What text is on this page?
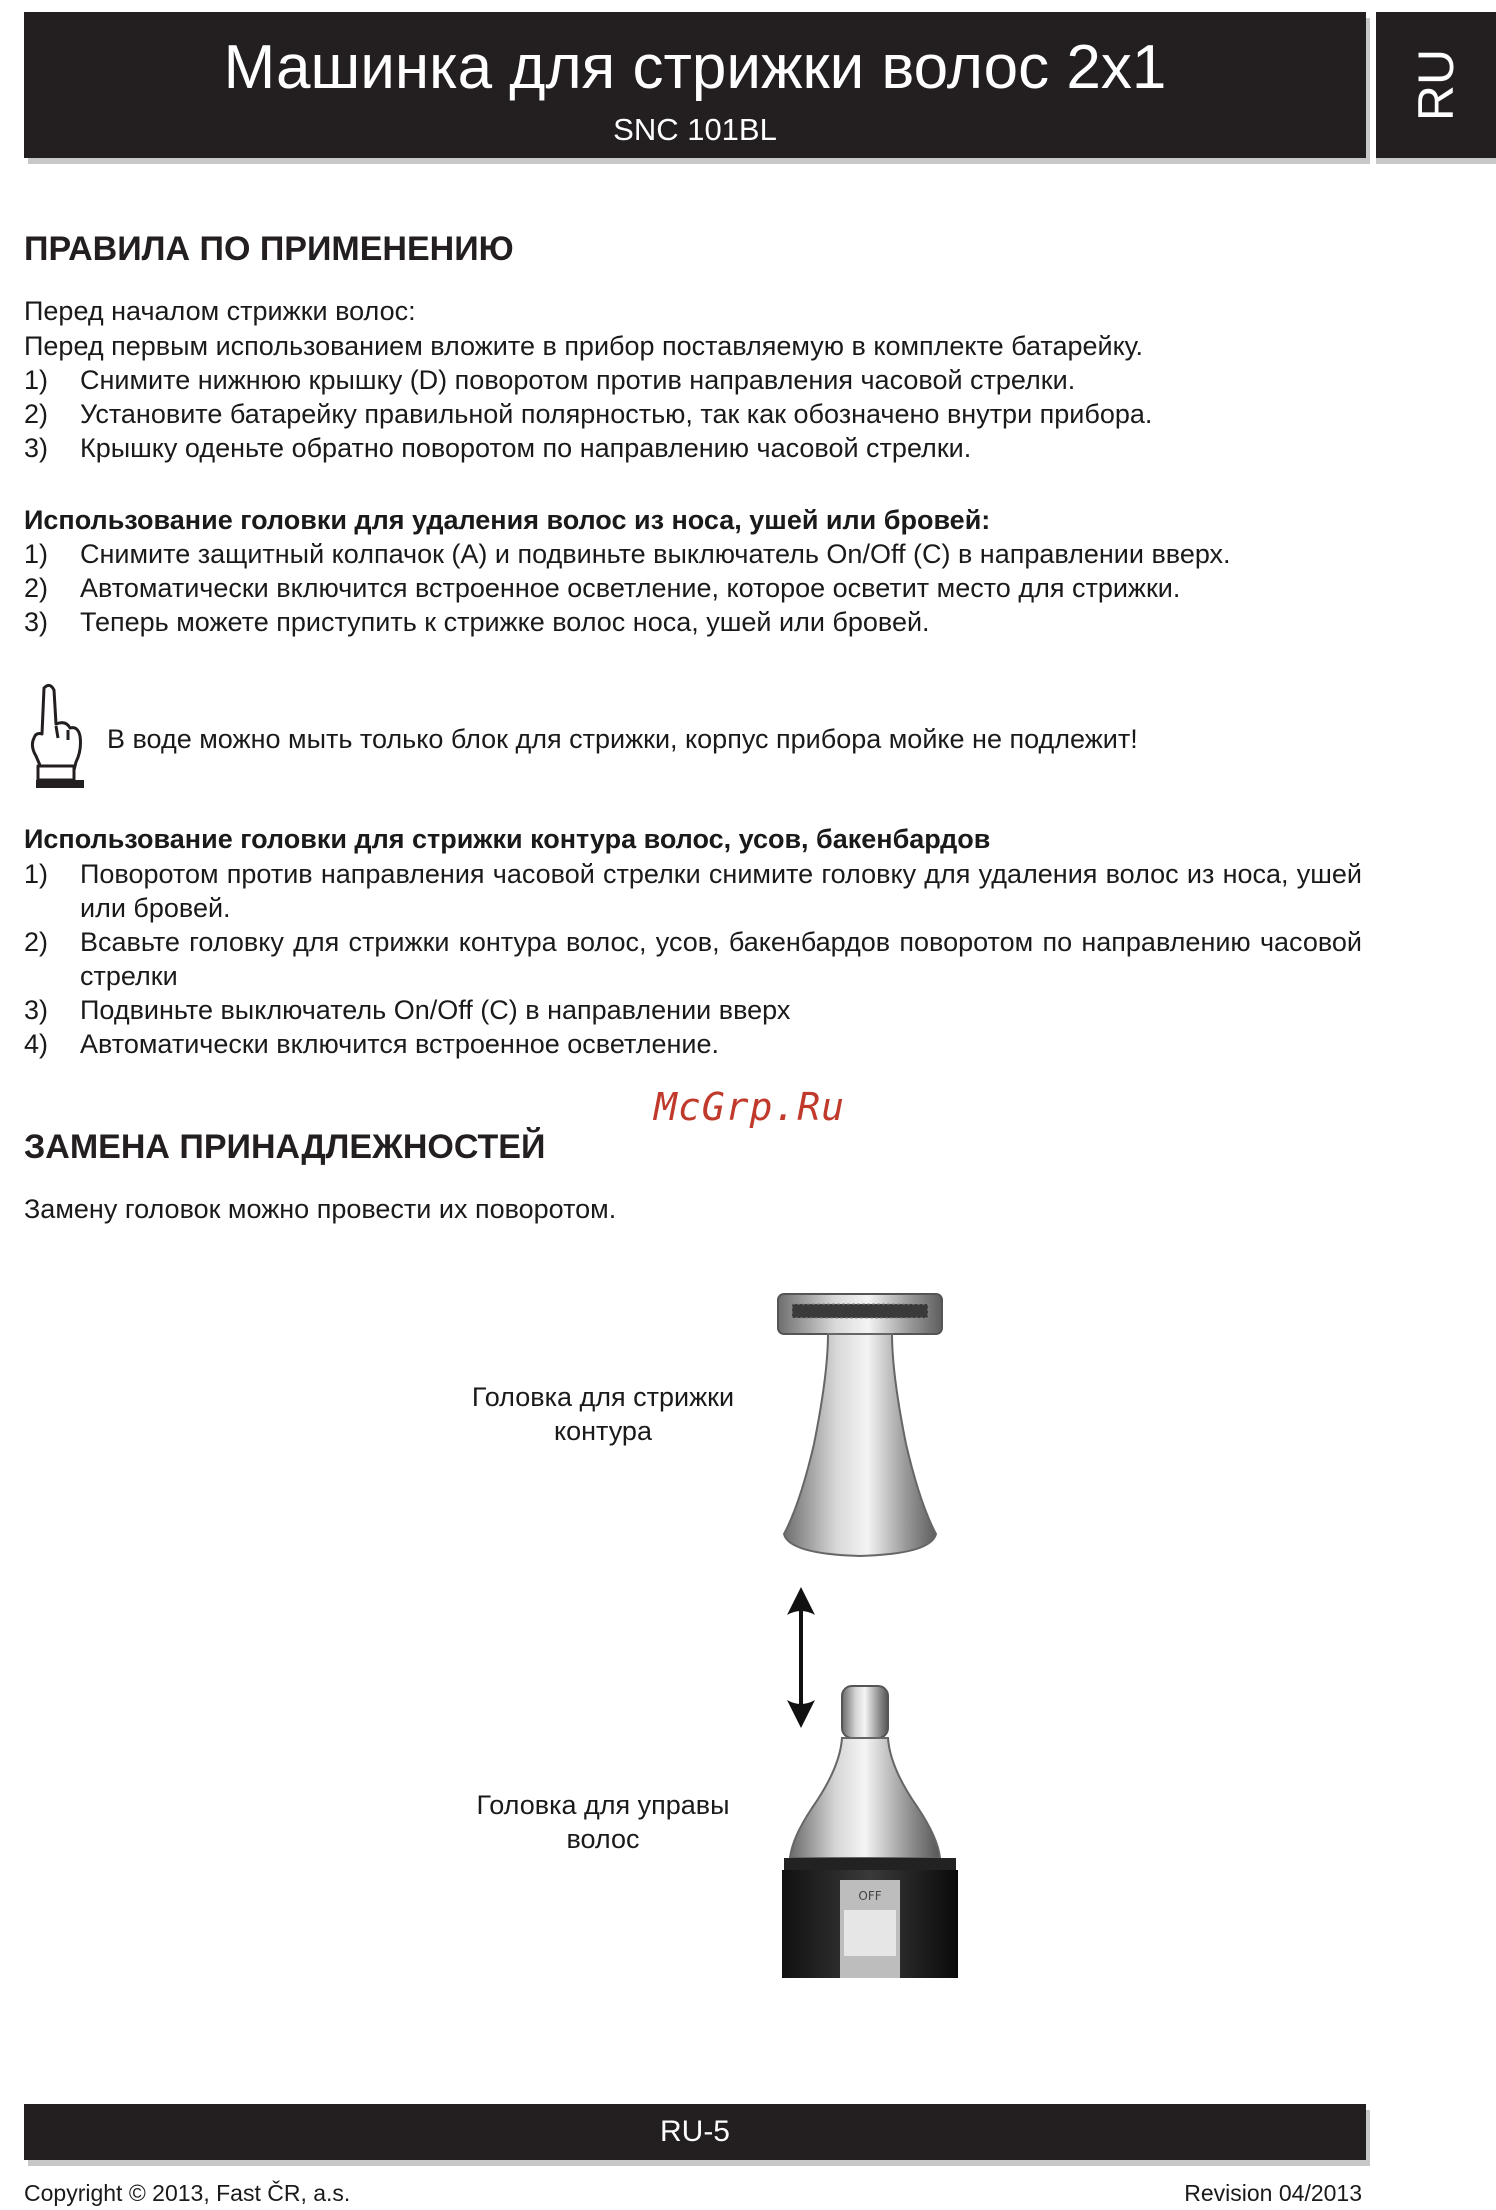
Машинка для стрижки волос 2x1
SNC 101BL
RU
ПРАВИЛА ПО ПРИМЕНЕНИЮ
Перед началом стрижки волос:
Перед первым использованием вложите в прибор поставляемую в комплекте батарейку.
1) Снимите нижнюю крышку (D) поворотом против направления часовой стрелки.
2) Установите батарейку правильной полярностью, так как обозначено внутри прибора.
3) Крышку оденьте обратно поворотом по направлению часовой стрелки.
Использование головки для удаления волос из носа, ушей или бровей:
1) Снимите защитный колпачок (A) и подвиньте выключатель On/Off (C) в направлении вверх.
2) Автоматически включится встроенное осветление, которое осветит место для стрижки.
3) Теперь можете приступить к стрижке волос носа, ушей или бровей.
В воде можно мыть только блок для стрижки, корпус прибора мойке не подлежит!
Использование головки для стрижки контура волос, усов, бакенбардов
1) Поворотом против направления часовой стрелки снимите головку для удаления волос из носа, ушей или бровей.
2) Всавьте головку для стрижки контура волос, усов, бакенбардов поворотом по направлению часовой стрелки
3) Подвиньте выключатель On/Off (C) в направлении вверх
4) Автоматически включится встроенное осветление.
McGrp.Ru
ЗАМЕНА ПРИНАДЛЕЖНОСТЕЙ
Замену головок можно провести их поворотом.
Головка для стрижки
контура
Головка для управы
волос
OFF
RU-5
Copyright © 2013, Fast ČR, a.s.	Revision 04/2013
